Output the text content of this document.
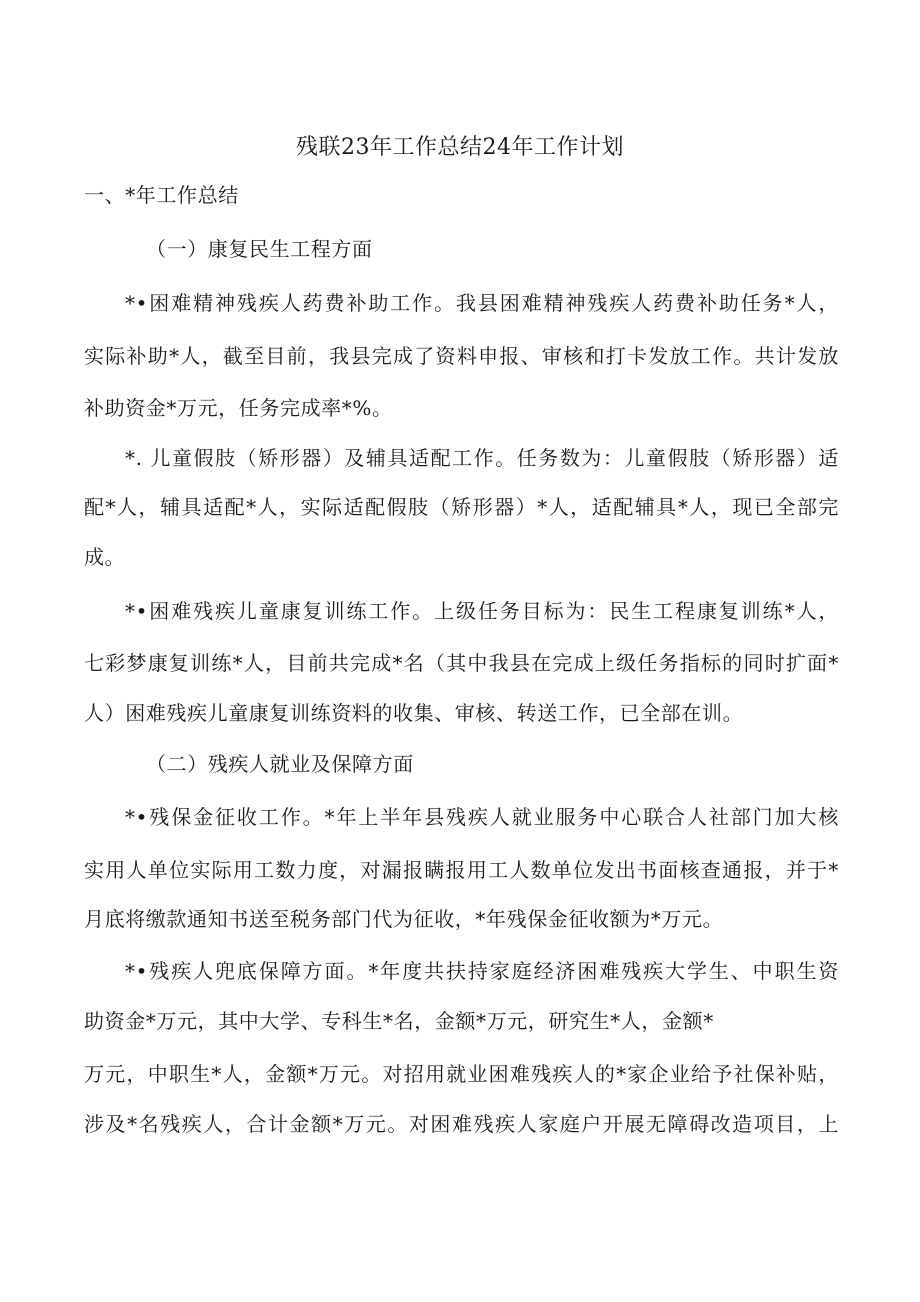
残联23年工作总结24年工作计划
一、*年工作总结
（一）康复民生工程方面
*•困难精神残疾人药费补助工作。我县困难精神残疾人药费补助任务*人，
实际补助*人，截至目前，我县完成了资料申报、审核和打卡发放工作。共计发放
补助资金*万元，任务完成率*%。
*. 儿童假肢（矫形器）及辅具适配工作。任务数为：儿童假肢（矫形器）适
配*人，辅具适配*人，实际适配假肢（矫形器）*人，适配辅具*人，现已全部完
成。
*•困难残疾儿童康复训练工作。上级任务目标为：民生工程康复训练*人，
七彩梦康复训练*人，目前共完成*名（其中我县在完成上级任务指标的同时扩面*
人）困难残疾儿童康复训练资料的收集、审核、转送工作，已全部在训。
（二）残疾人就业及保障方面
*•残保金征收工作。*年上半年县残疾人就业服务中心联合人社部门加大核
实用人单位实际用工数力度，对漏报瞒报用工人数单位发出书面核查通报，并于*
月底将缴款通知书送至税务部门代为征收，*年残保金征收额为*万元。
*•残疾人兜底保障方面。*年度共扶持家庭经济困难残疾大学生、中职生资
助资金*万元，其中大学、专科生*名，金额*万元，研究生*人，金额*
万元，中职生*人，金额*万元。对招用就业困难残疾人的*家企业给予社保补贴，
涉及*名残疾人，合计金额*万元。对困难残疾人家庭户开展无障碍改造项目，上
